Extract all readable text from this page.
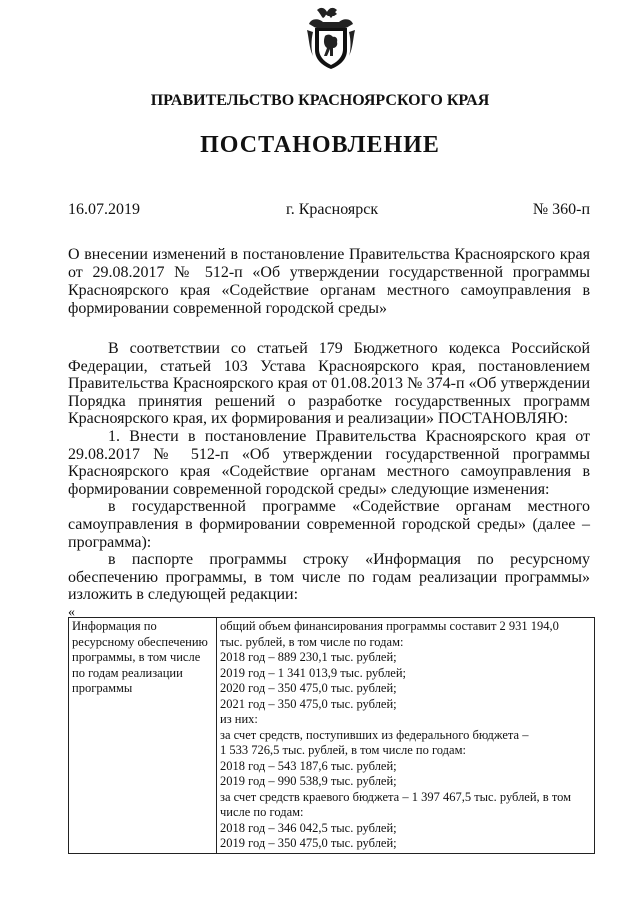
ПРАВИТЕЛЬСТВО КРАСНОЯРСКОГО КРАЯ
ПОСТАНОВЛЕНИЕ
16.07.2019	г. Красноярск	№ 360-п
О внесении изменений в постановление Правительства Красноярского края от 29.08.2017 № 512-п «Об утверждении государственной программы Красноярского края «Содействие органам местного самоуправления в формировании современной городской среды»

В соответствии со статьей 179 Бюджетного кодекса Российской Федерации, статьей 103 Устава Красноярского края, постановлением Правительства Красноярского края от 01.08.2013 № 374-п «Об утверждении Порядка принятия решений о разработке государственных программ Красноярского края, их формирования и реализации» ПОСТАНОВЛЯЮ:

1. Внести в постановление Правительства Красноярского края от 29.08.2017 № 512-п «Об утверждении государственной программы Красноярского края «Содействие органам местного самоуправления в формировании современной городской среды» следующие изменения:

в государственной программе «Содействие органам местного самоуправления в формировании современной городской среды» (далее – программа):

в паспорте программы строку «Информация по ресурсному обеспечению программы, в том числе по годам реализации программы» изложить в следующей редакции:

«
Информация по ресурсному обеспечению программы, в том числе по годам реализации программы	
общий объем финансирования программы составит 2 931 194,0
тыс. рублей, в том числе по годам:
2018 год – 889 230,1 тыс. рублей;
2019 год – 1 341 013,9 тыс. рублей;
2020 год – 350 475,0 тыс. рублей;
2021 год – 350 475,0 тыс. рублей;
из них:
за счет средств, поступивших из федерального бюджета –
1 533 726,5 тыс. рублей, в том числе по годам:
2018 год – 543 187,6 тыс. рублей;
2019 год – 990 538,9 тыс. рублей;
за счет средств краевого бюджета – 1 397 467,5 тыс. рублей, в том
числе по годам:
2018 год – 346 042,5 тыс. рублей;
2019 год – 350 475,0 тыс. рублей;
